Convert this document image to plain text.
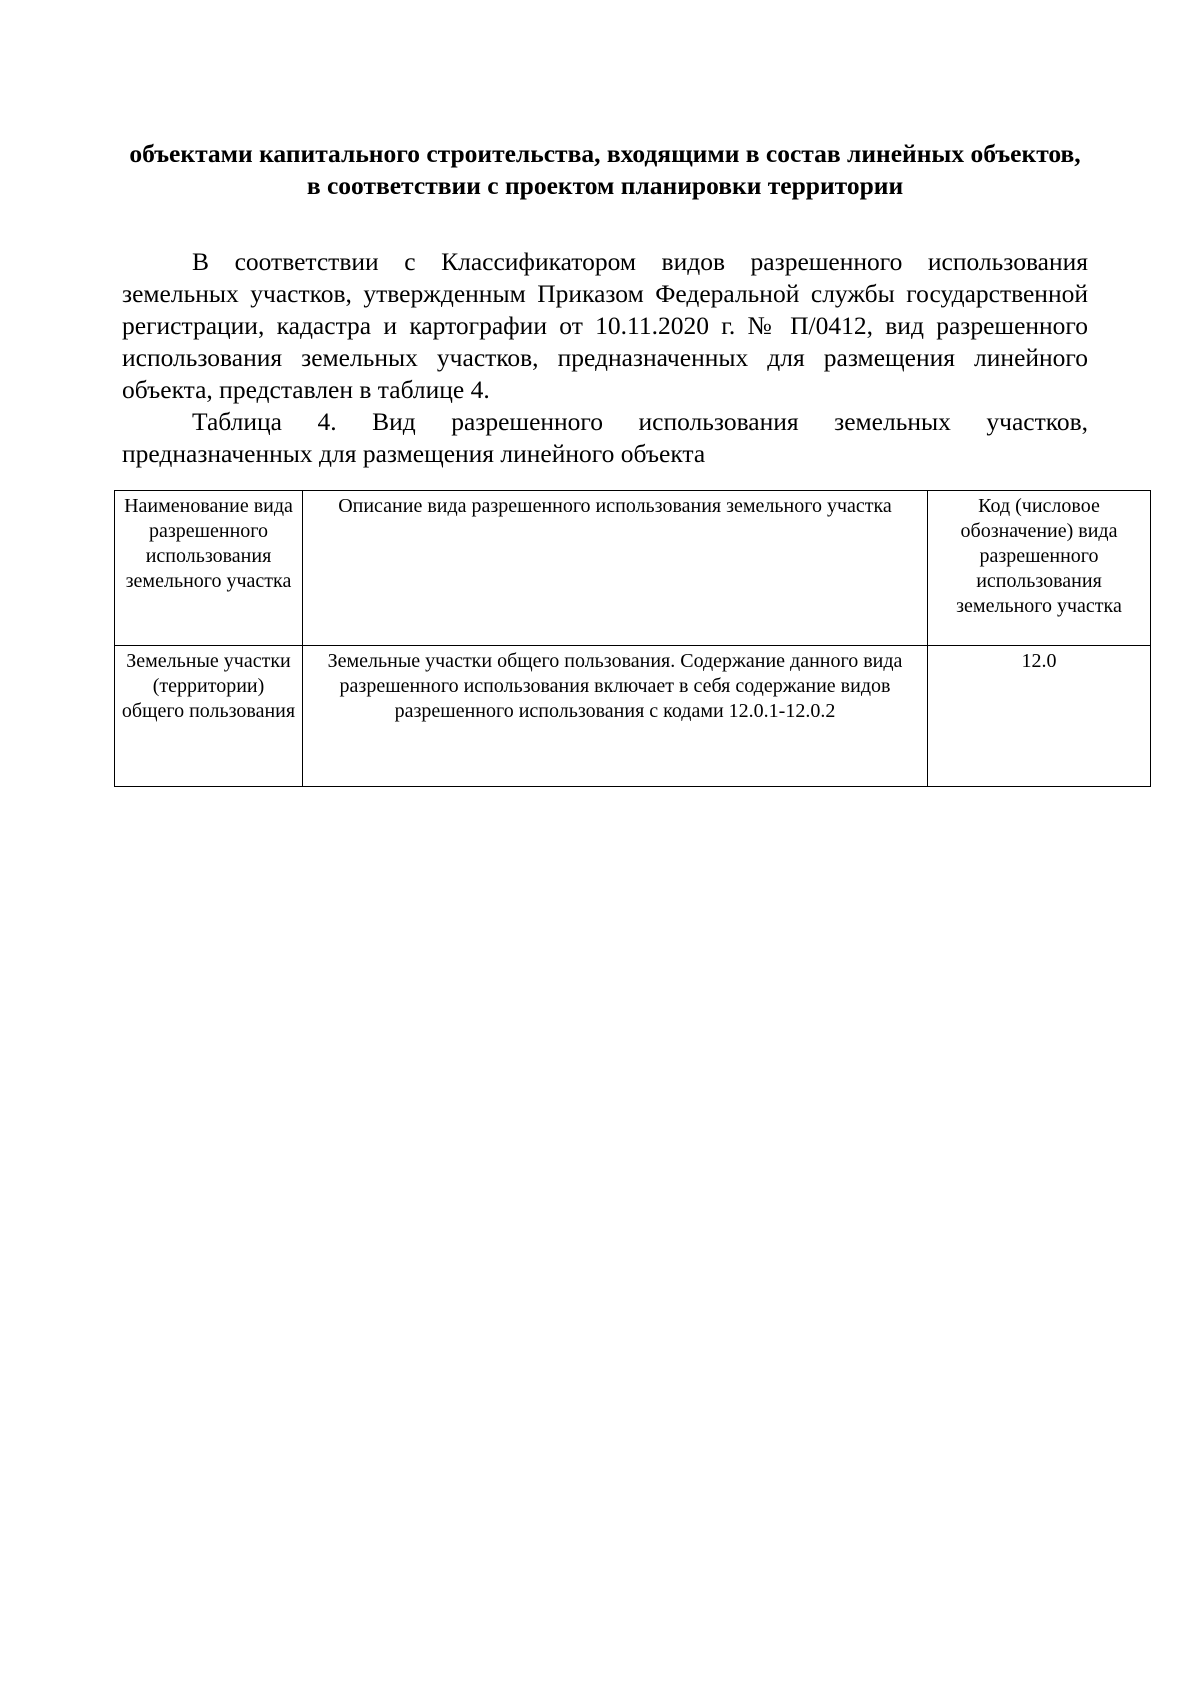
объектами капитального строительства, входящими в состав линейных объектов, в соответствии с проектом планировки территории
В соответствии с Классификатором видов разрешенного использования земельных участков, утвержденным Приказом Федеральной службы государственной регистрации, кадастра и картографии от 10.11.2020 г. № П/0412, вид разрешенного использования земельных участков, предназначенных для размещения линейного объекта, представлен в таблице 4.
Таблица 4. Вид разрешенного использования земельных участков, предназначенных для размещения линейного объекта
Наименование вида разрешенного использования земельного участка	Описание вида разрешенного использования земельного участка	Код (числовое обозначение) вида разрешенного использования земельного участка
Земельные участки (территории) общего пользования	Земельные участки общего пользования. Содержание данного вида разрешенного использования включает в себя содержание видов разрешенного использования с кодами 12.0.1-12.0.2	12.0
